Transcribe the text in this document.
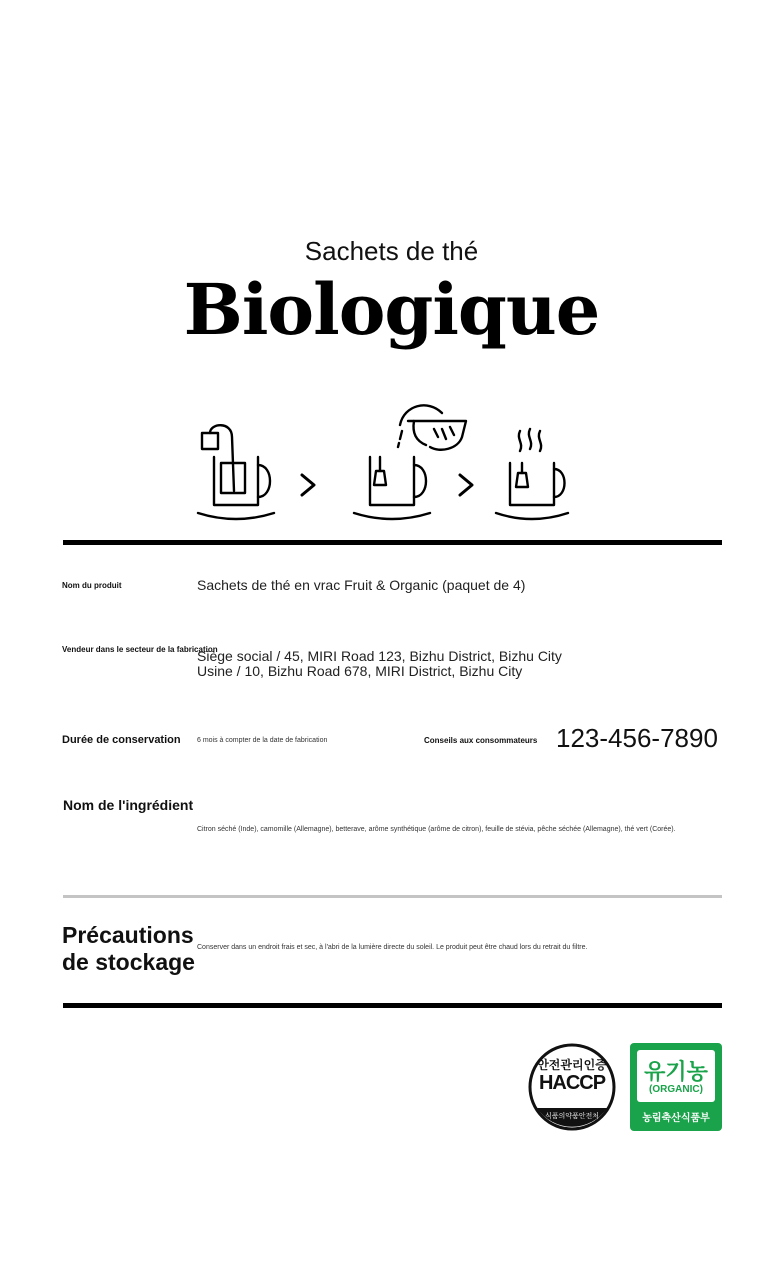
Sachets de thé
Biologique
Nom du produit	Sachets de thé en vrac Fruit & Organic (paquet de 4)
Vendeur dans le secteur de la fabrication
Siège social / 45, MIRI Road 123, Bizhu District, Bizhu City
Usine / 10, Bizhu Road 678, MIRI District, Bizhu City
Durée de conservation 6 mois à compter de la date de fabrication	Conseils aux consommateurs 123-456-7890
Nom de l'ingrédient
Citron séché (Inde), camomille (Allemagne), betterave, arôme synthétique (arôme de citron), feuille de stévia, pêche séchée (Allemagne), thé vert (Corée).
Précautions
de stockage
Conserver dans un endroit frais et sec, à l'abri de la lumière directe du soleil. Le produit peut être chaud lors du retrait du filtre.
안전관리인증
HACCP
식품의약품안전처
유기농
(ORGANIC)
농림축산식품부
